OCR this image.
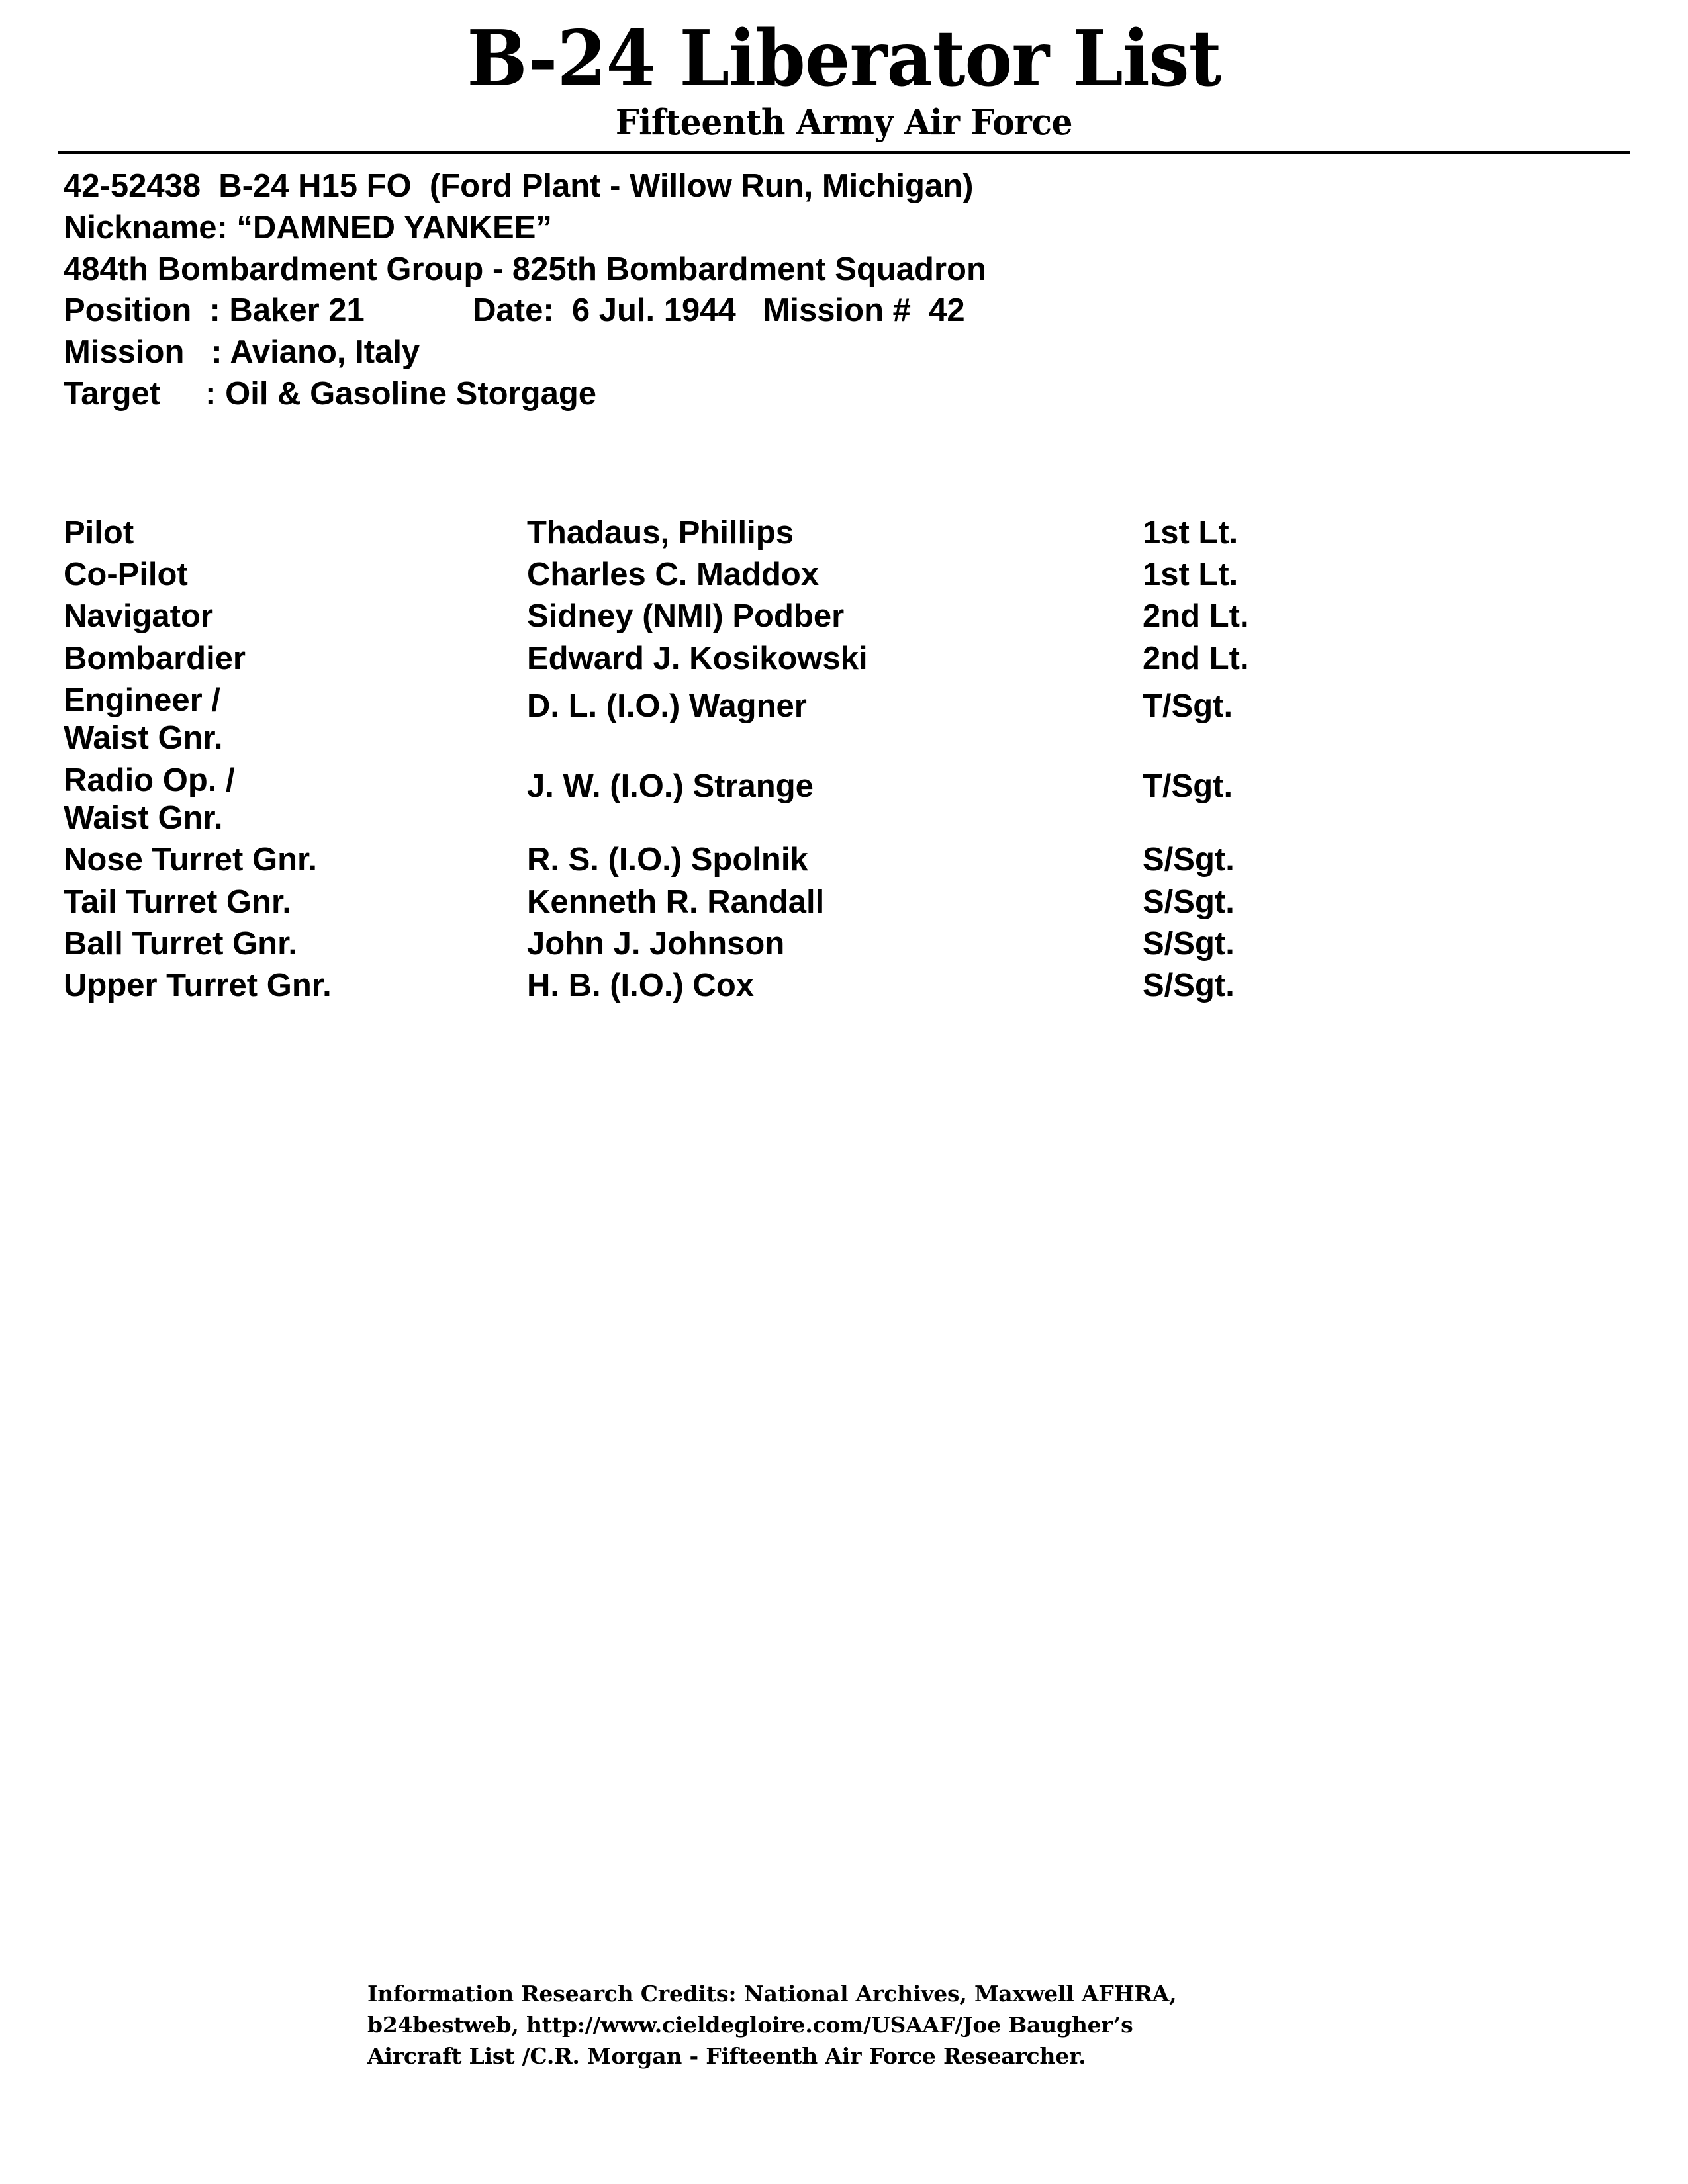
B-24 Liberator List
Fifteenth Army Air Force
42-52438  B-24 H15 FO  (Ford Plant - Willow Run, Michigan)
Nickname: “DAMNED YANKEE”
484th Bombardment Group - 825th Bombardment Squadron
Position  : Baker 21            Date:  6 Jul. 1944   Mission #  42
Mission   : Aviano, Italy
Target     : Oil & Gasoline Storgage
Pilot	Thadaus, Phillips	1st Lt.
Co-Pilot	Charles C. Maddox	1st Lt.
Navigator	Sidney (NMI) Podber	2nd Lt.
Bombardier	Edward J. Kosikowski	2nd Lt.
Engineer /
Waist Gnr.	D. L. (I.O.) Wagner	T/Sgt.
Radio Op. /
Waist Gnr.	J. W. (I.O.) Strange	T/Sgt.
Nose Turret Gnr.	R. S. (I.O.) Spolnik	S/Sgt.
Tail Turret Gnr.	Kenneth R. Randall	S/Sgt.
Ball Turret Gnr.	John J. Johnson	S/Sgt.
Upper Turret Gnr.	H. B. (I.O.) Cox	S/Sgt.
Information Research Credits: National Archives, Maxwell AFHRA,
b24bestweb, http://www.cieldegloire.com/USAAF/Joe Baugher’s
Aircraft List /C.R. Morgan - Fifteenth Air Force Researcher.
